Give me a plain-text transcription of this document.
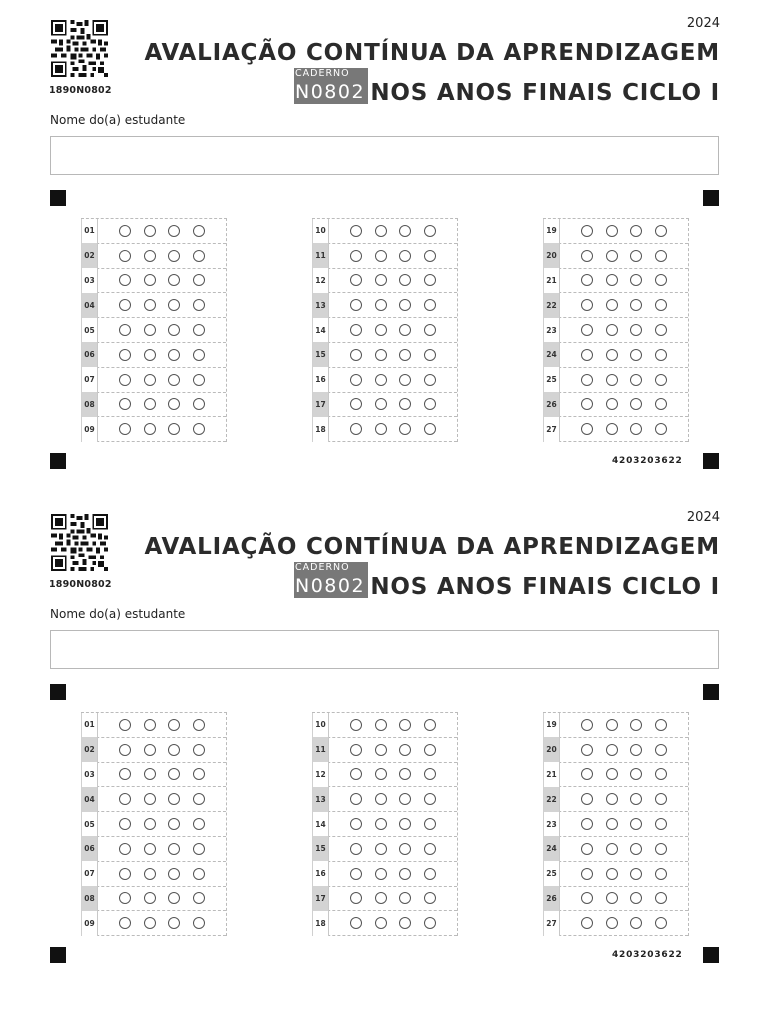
1890N0802
2024
AVALIAÇÃO CONTÍNUA DA APRENDIZAGEM
CADERNO
N0802 NOS ANOS FINAIS CICLO I
Nome do(a) estudante
01
02
03
04
05
06
07
08
09
10
11
12
13
14
15
16
17
18
19
20
21
22
23
24
25
26
27
4203203622
1890N0802
2024
AVALIAÇÃO CONTÍNUA DA APRENDIZAGEM
CADERNO
N0802 NOS ANOS FINAIS CICLO I
Nome do(a) estudante
01
02
03
04
05
06
07
08
09
10
11
12
13
14
15
16
17
18
19
20
21
22
23
24
25
26
27
4203203622
